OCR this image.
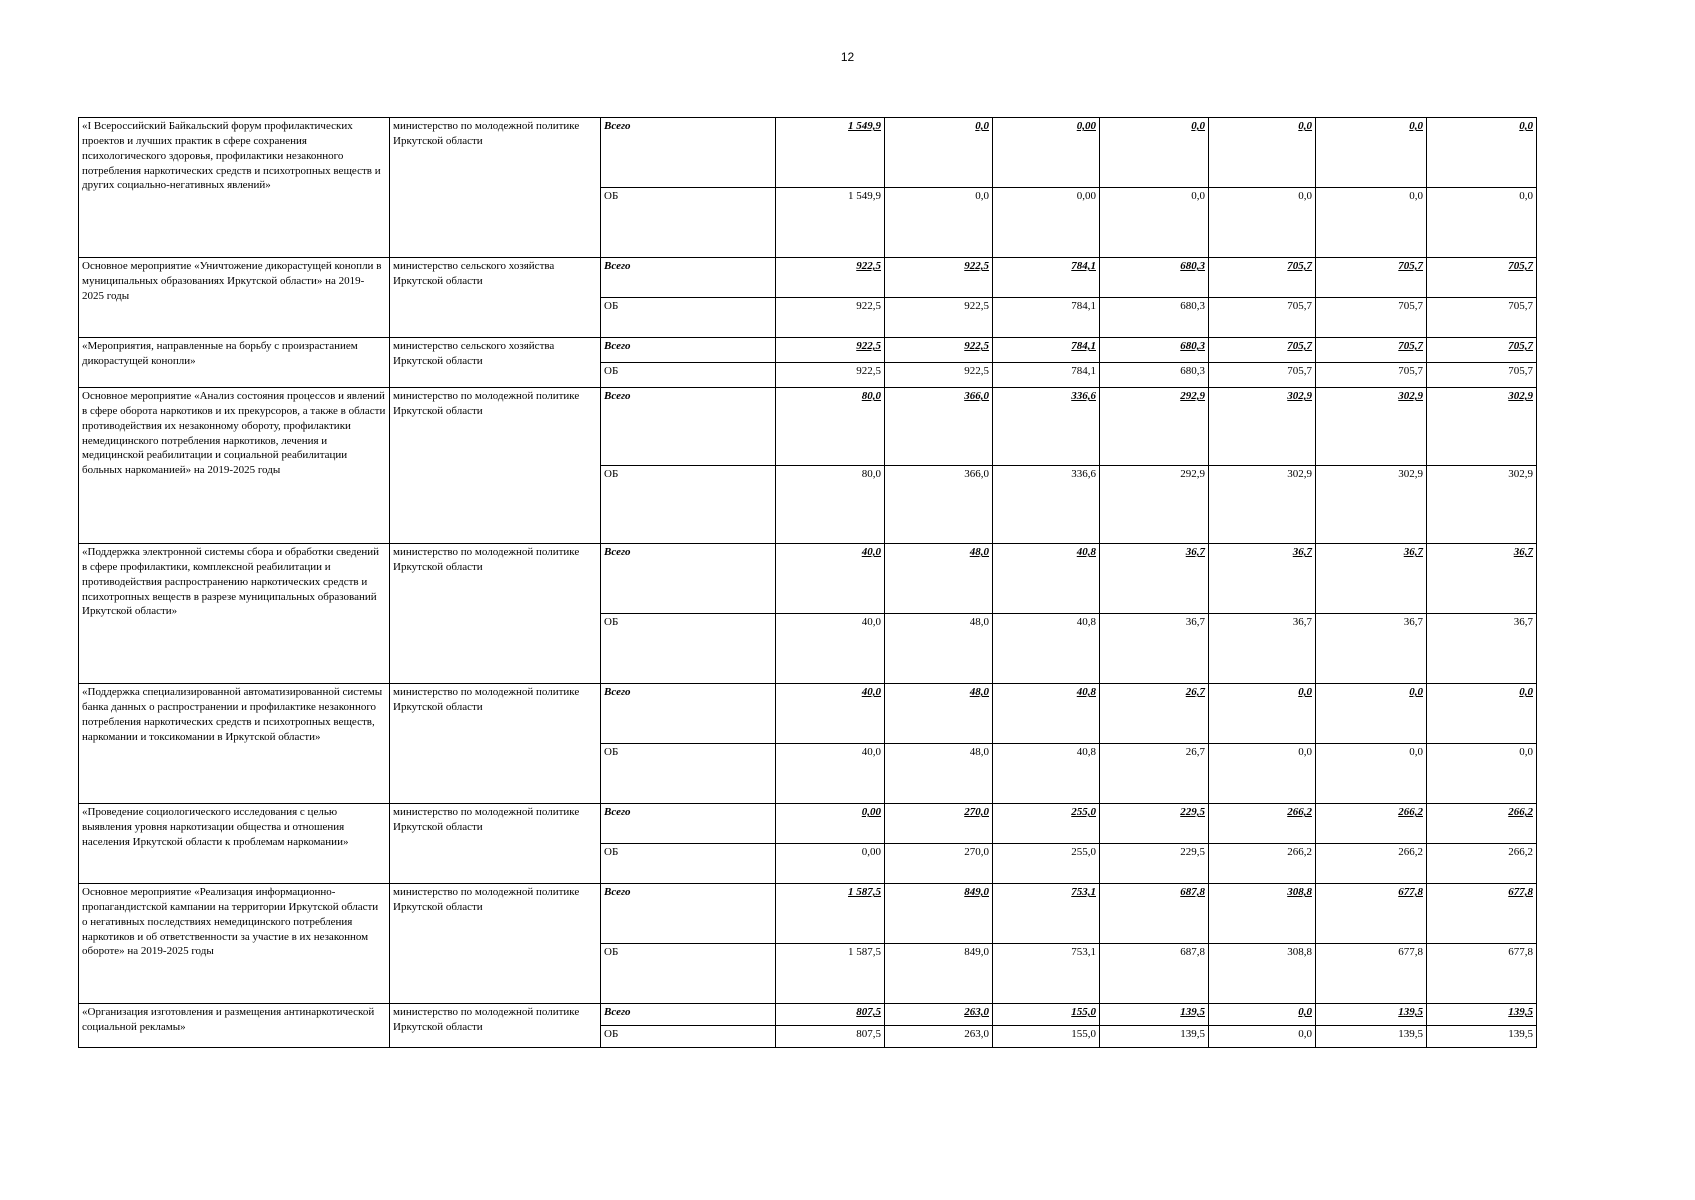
12
«I Всероссийский Байкальский форум профилактических проектов и лучших практик в сфере сохранения психологического здоровья, профилактики незаконного потребления наркотических средств и психотропных веществ и других социально-негативных явлений»	министерство по молодежной политике Иркутской области	Всего	1 549,9	0,0	0,00	0,0	0,0	0,0	0,0
		ОБ	1 549,9	0,0	0,00	0,0	0,0	0,0	0,0
Основное мероприятие «Уничтожение дикорастущей конопли в муниципальных образованиях Иркутской области» на 2019-2025 годы	министерство сельского хозяйства Иркутской области	Всего	922,5	922,5	784,1	680,3	705,7	705,7	705,7
		ОБ	922,5	922,5	784,1	680,3	705,7	705,7	705,7
«Мероприятия, направленные на борьбу с произрастанием дикорастущей конопли»	министерство сельского хозяйства Иркутской области	Всего	922,5	922,5	784,1	680,3	705,7	705,7	705,7
		ОБ	922,5	922,5	784,1	680,3	705,7	705,7	705,7
Основное мероприятие «Анализ состояния процессов и явлений в сфере оборота наркотиков и их прекурсоров, а также в области противодействия их незаконному обороту, профилактики немедицинского потребления наркотиков, лечения и медицинской реабилитации и социальной реабилитации больных наркоманией» на 2019-2025 годы	министерство по молодежной политике Иркутской области	Всего	80,0	366,0	336,6	292,9	302,9	302,9	302,9
		ОБ	80,0	366,0	336,6	292,9	302,9	302,9	302,9
«Поддержка электронной системы сбора и обработки сведений в сфере профилактики, комплексной реабилитации и противодействия распространению наркотических средств и психотропных веществ в разрезе муниципальных образований Иркутской области»	министерство по молодежной политике Иркутской области	Всего	40,0	48,0	40,8	36,7	36,7	36,7	36,7
		ОБ	40,0	48,0	40,8	36,7	36,7	36,7	36,7
«Поддержка специализированной автоматизированной системы банка данных о распространении и профилактике незаконного потребления наркотических средств и психотропных веществ, наркомании и токсикомании в Иркутской области»	министерство по молодежной политике Иркутской области	Всего	40,0	48,0	40,8	26,7	0,0	0,0	0,0
		ОБ	40,0	48,0	40,8	26,7	0,0	0,0	0,0
«Проведение социологического исследования с целью выявления уровня наркотизации общества и отношения населения Иркутской области к проблемам наркомании»	министерство по молодежной политике Иркутской области	Всего	0,00	270,0	255,0	229,5	266,2	266,2	266,2
		ОБ	0,00	270,0	255,0	229,5	266,2	266,2	266,2
Основное мероприятие «Реализация информационно-пропагандистской кампании на территории Иркутской области о негативных последствиях немедицинского потребления наркотиков и об ответственности за участие в их незаконном обороте» на 2019-2025 годы	министерство по молодежной политике Иркутской области	Всего	1 587,5	849,0	753,1	687,8	308,8	677,8	677,8
		ОБ	1 587,5	849,0	753,1	687,8	308,8	677,8	677,8
«Организация изготовления и размещения антинаркотической социальной рекламы»	министерство по молодежной политике Иркутской области	Всего	807,5	263,0	155,0	139,5	0,0	139,5	139,5
		ОБ	807,5	263,0	155,0	139,5	0,0	139,5	139,5
